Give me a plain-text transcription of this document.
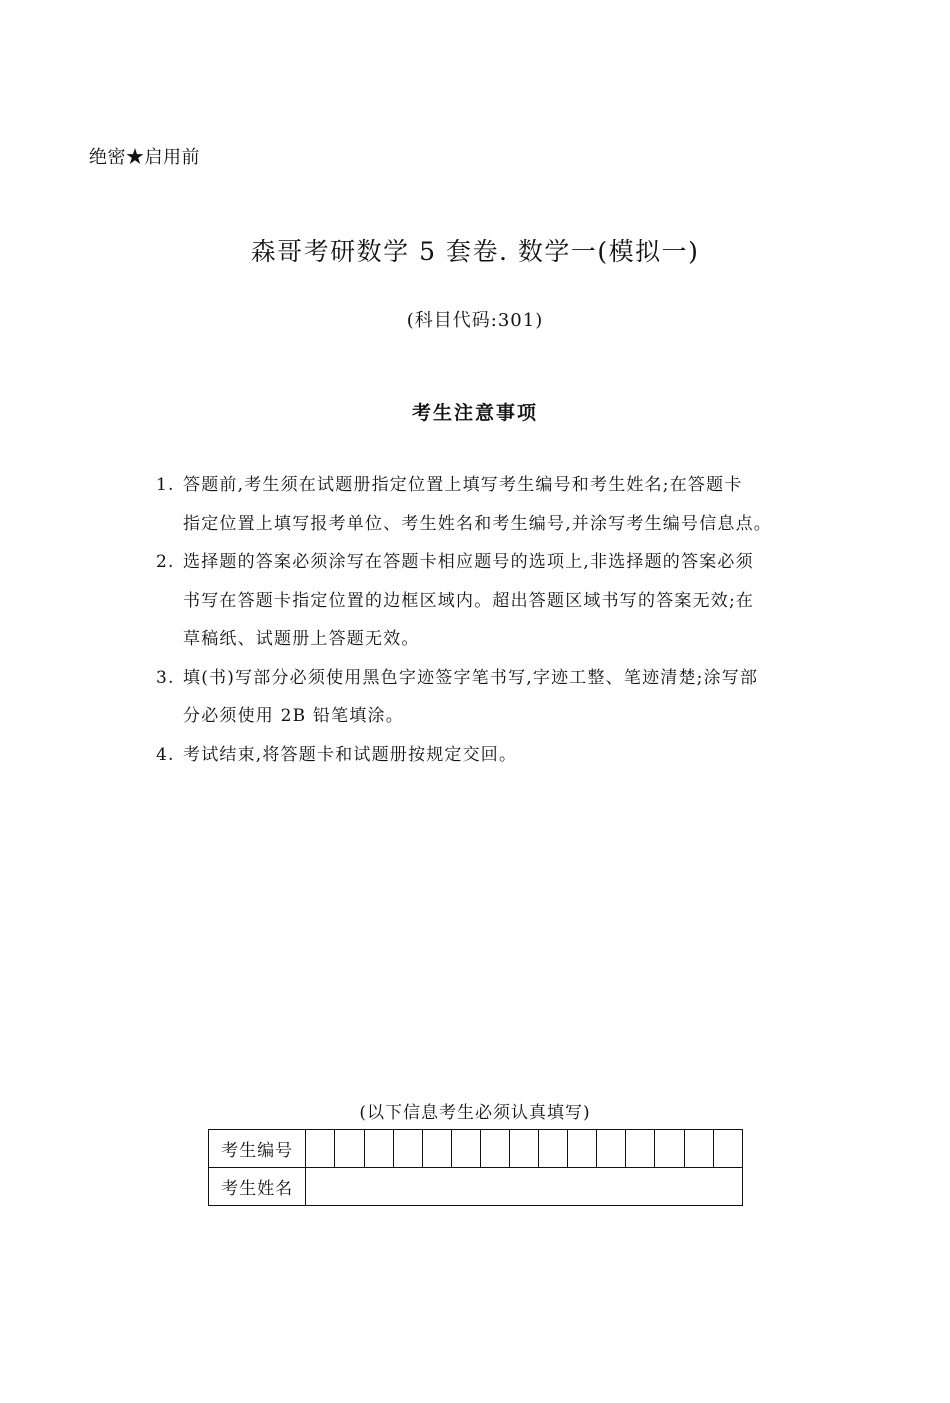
绝密★启用前
森哥考研数学 5 套卷. 数学一(模拟一)
(科目代码:301)
考生注意事项
1. 答题前,考生须在试题册指定位置上填写考生编号和考生姓名;在答题卡
指定位置上填写报考单位、考生姓名和考生编号,并涂写考生编号信息点。
2. 选择题的答案必须涂写在答题卡相应题号的选项上,非选择题的答案必须
书写在答题卡指定位置的边框区域内。超出答题区域书写的答案无效;在
草稿纸、试题册上答题无效。
3. 填(书)写部分必须使用黑色字迹签字笔书写,字迹工整、笔迹清楚;涂写部
分必须使用 2B 铅笔填涂。
4. 考试结束,将答题卡和试题册按规定交回。
(以下信息考生必须认真填写)
考生编号															
考生姓名															
